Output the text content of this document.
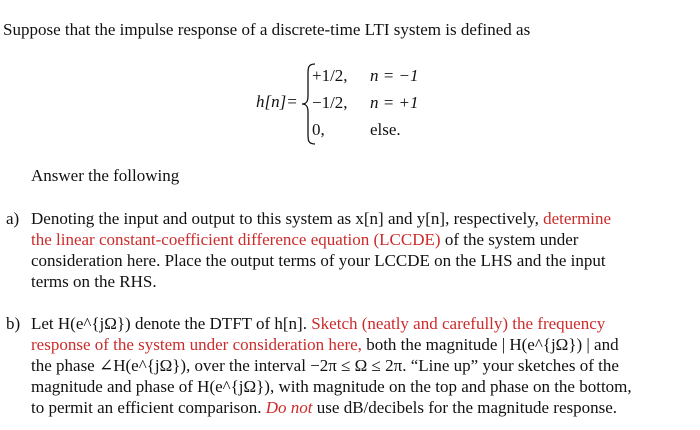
Suppose that the impulse response of a discrete-time LTI system is defined as
h[n]=
+1/2, n = −1
−1/2, n = +1
0,	else.
Answer the following
a) Denoting the input and output to this system as x[n] and y[n], respectively, determine
the linear constant-coefficient difference equation (LCCDE) of the system under
consideration here. Place the output terms of your LCCDE on the LHS and the input
terms on the RHS.
b) Let H(e^{jΩ}) denote the DTFT of h[n]. Sketch (neatly and carefully) the frequency
response of the system under consideration here, both the magnitude | H(e^{jΩ}) | and
the phase ∠H(e^{jΩ}), over the interval −2π ≤ Ω ≤ 2π. “Line up” your sketches of the
magnitude and phase of H(e^{jΩ}), with magnitude on the top and phase on the bottom,
to permit an efficient comparison. Do not use dB/decibels for the magnitude response.
